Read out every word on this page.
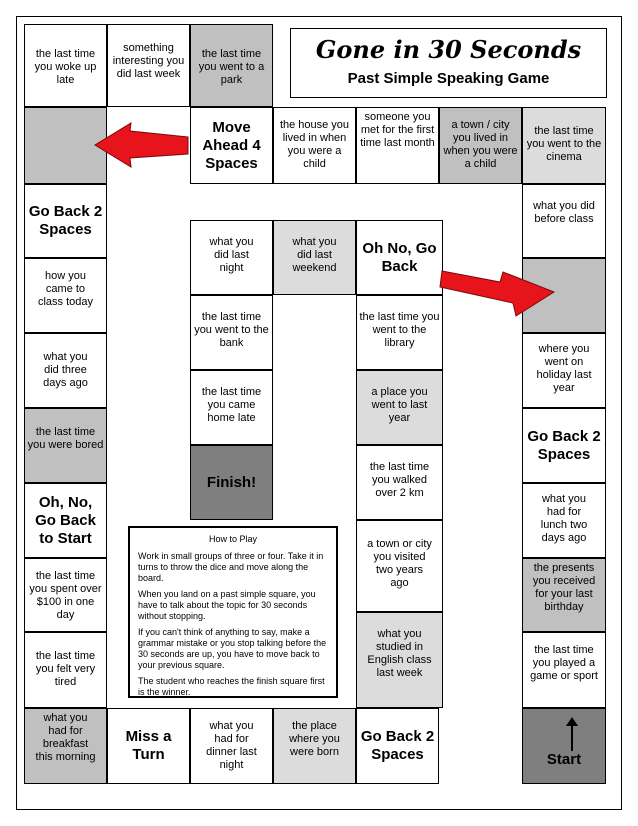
the last time you woke up late
something interesting you did last week
the last time you went to a park
Gone in 30 Seconds
Past Simple Speaking Game
Move Ahead 4 Spaces
the house you lived in when you were a child
someone you met for the first time last month
a town / city you lived in when you were a child
the last time you went to the cinema
Go Back 2 Spaces
how you came to class today
what you did three days ago
the last time you were bored
Oh, No, Go Back to Start
the last time you spent over $100 in one day
the last time you felt very tired
what you had for breakfast this morning
what you did before class
where you went on holiday last year
Go Back 2 Spaces
what you had for lunch two days ago
the presents you received for your last birthday
the last time you played a game or sport
Start
Miss a Turn
what you had for dinner last night
the place where you were born
Go Back 2 Spaces
what you did last night
what you did last weekend
Oh No, Go Back
the last time you went to the bank
the last time you went to the library
the last time you came home late
a place you went to last year
Finish!
the last time you walked over 2 km
a town or city you visited two years ago
what you studied in English class last week
How to Play

Work in small groups of three or four. Take it in turns to throw the dice and move along the board.

When you land on a past simple square, you have to talk about the topic for 30 seconds without stopping.

If you can't think of anything to say, make a grammar mistake or you stop talking before the 30 seconds are up, you have to move back to your previous square.

The student who reaches the finish square first is the winner.
